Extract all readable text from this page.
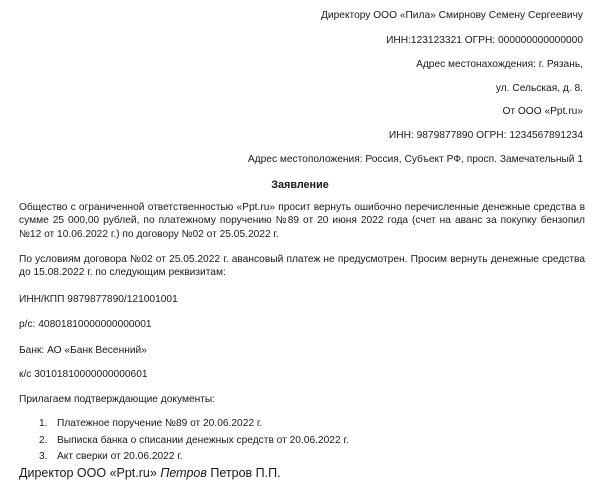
Директору ООО «Пила» Смирнову Семену Сергеевичу
ИНН:123123321 ОГРН: 000000000000000
Адрес местонахождения: г. Рязань,
ул. Сельская, д. 8.
От ООО «Ppt.ru»
ИНН: 9879877890 ОГРН: 1234567891234
Адрес местоположения: Россия, Субъект РФ, просп. Замечательный 1
Заявление
Общество с ограниченной ответственностью «Ppt.ru» просит вернуть ошибочно перечисленные денежные средства в сумме 25 000,00 рублей, по платежному поручению №89 от 20 июня 2022 года (счет на аванс за покупку бензопил №12 от 10.06.2022 г.) по договору №02 от 25.05.2022 г.
По условиям договора №02 от 25.05.2022 г. авансовый платеж не предусмотрен. Просим вернуть денежные средства до 15.08.2022 г. по следующим реквизитам:
ИНН/КПП 9879877890/121001001
р/с: 40801810000000000001
Банк: АО «Банк Весенний»
к/с 30101810000000000601
Прилагаем подтверждающие документы:
1. Платежное поручение №89 от 20.06.2022 г.
2. Выписка банка о списании денежных средств от 20.06.2022 г.
3. Акт сверки от 20.06.2022 г.
Директор ООО «Ppt.ru» Петров Петров П.П.
